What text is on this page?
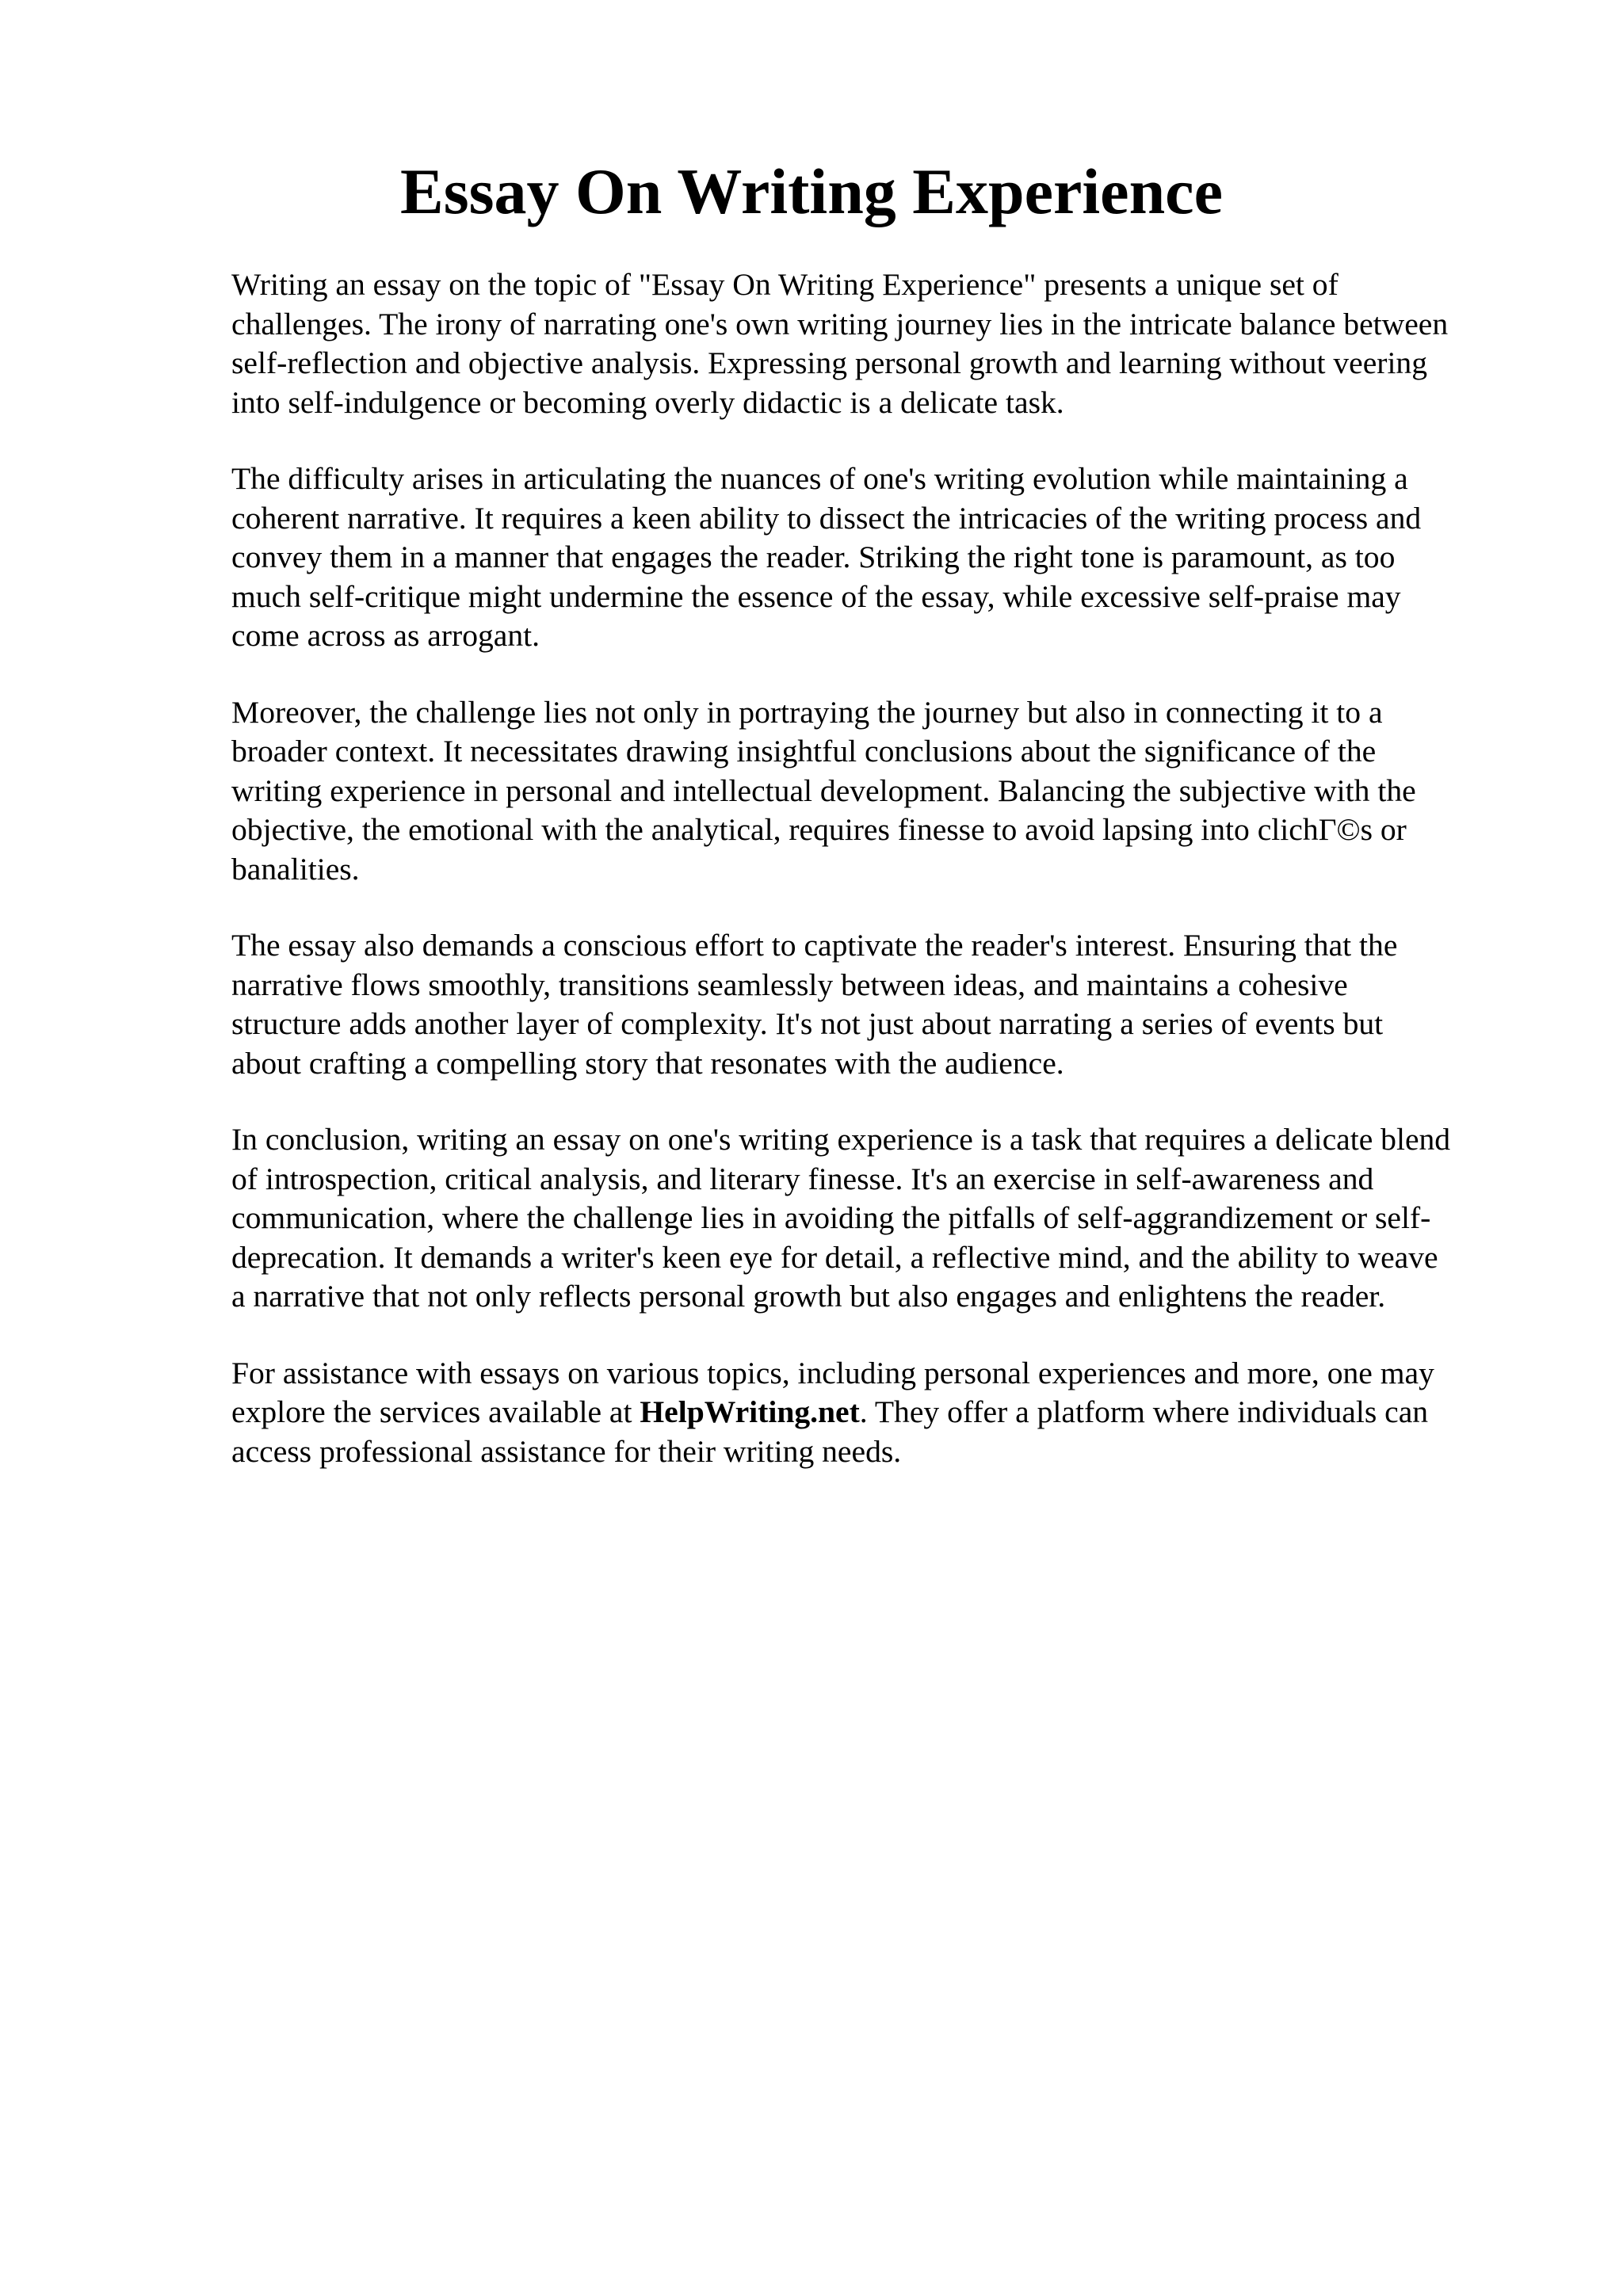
Essay On Writing Experience

Writing an essay on the topic of "Essay On Writing Experience" presents a unique set of
challenges. The irony of narrating one's own writing journey lies in the intricate balance between
self-reflection and objective analysis. Expressing personal growth and learning without veering
into self-indulgence or becoming overly didactic is a delicate task.

The difficulty arises in articulating the nuances of one's writing evolution while maintaining a
coherent narrative. It requires a keen ability to dissect the intricacies of the writing process and
convey them in a manner that engages the reader. Striking the right tone is paramount, as too
much self-critique might undermine the essence of the essay, while excessive self-praise may
come across as arrogant.

Moreover, the challenge lies not only in portraying the journey but also in connecting it to a
broader context. It necessitates drawing insightful conclusions about the significance of the
writing experience in personal and intellectual development. Balancing the subjective with the
objective, the emotional with the analytical, requires finesse to avoid lapsing into clichΓ©s or
banalities.

The essay also demands a conscious effort to captivate the reader's interest. Ensuring that the
narrative flows smoothly, transitions seamlessly between ideas, and maintains a cohesive
structure adds another layer of complexity. It's not just about narrating a series of events but
about crafting a compelling story that resonates with the audience.

In conclusion, writing an essay on one's writing experience is a task that requires a delicate blend
of introspection, critical analysis, and literary finesse. It's an exercise in self-awareness and
communication, where the challenge lies in avoiding the pitfalls of self-aggrandizement or self-
deprecation. It demands a writer's keen eye for detail, a reflective mind, and the ability to weave
a narrative that not only reflects personal growth but also engages and enlightens the reader.

For assistance with essays on various topics, including personal experiences and more, one may
explore the services available at HelpWriting.net. They offer a platform where individuals can
access professional assistance for their writing needs.
